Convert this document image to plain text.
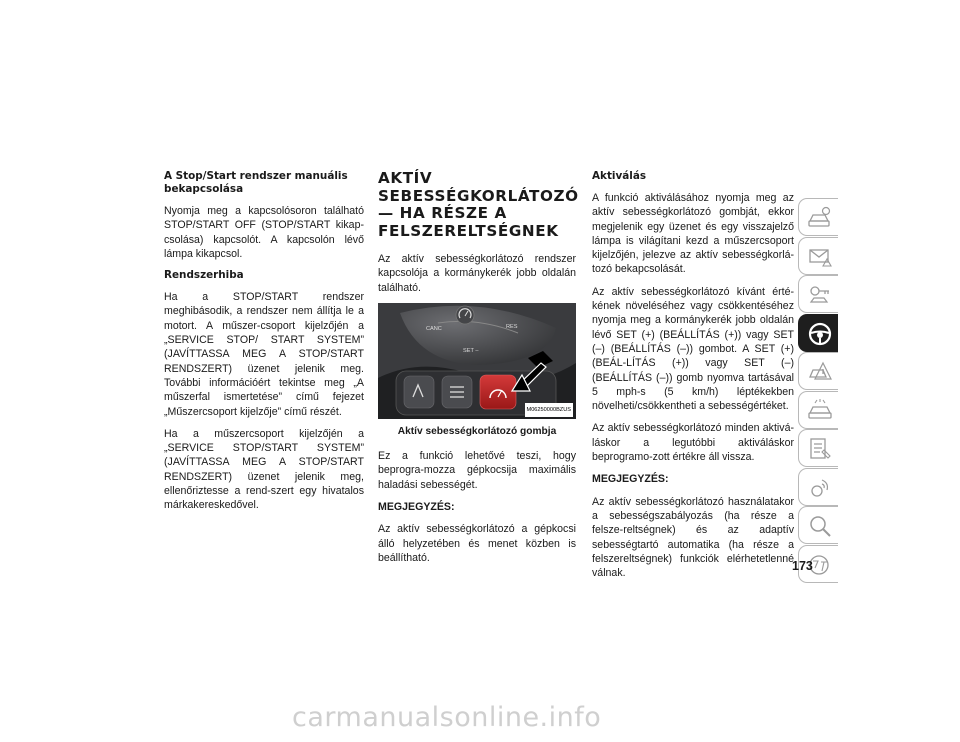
A Stop/Start rendszer manuális bekapcsolása

Nyomja meg a kapcsolósoron található STOP/START OFF (STOP/START kikap-csolása) kapcsolót. A kapcsolón lévő lámpa kikapcsol.

Rendszerhiba

Ha a STOP/START rendszer meghibásodik, a rendszer nem állítja le a motort. A műszer-csoport kijelzőjén a „SERVICE STOP/ START SYSTEM” (JAVÍTTASSA MEG A STOP/START RENDSZERT) üzenet jelenik meg. További információért tekintse meg „A műszerfal ismertetése” című fejezet „Műszercsoport kijelzője” című részét.

Ha a műszercsoport kijelzőjén a „SERVICE STOP/START SYSTEM” (JAVÍTTASSA MEG A STOP/START RENDSZERT) üzenet jelenik meg, ellenőriztesse a rend-szert egy hivatalos márkakereskedővel.

AKTÍV SEBESSÉGKORLÁTOZÓ — HA RÉSZE A FELSZERELTSÉGNEK

Az aktív sebességkorlátozó rendszer kapcsolója a kormánykerék jobb oldalán található.

CANC	RES
SET –
M06250000BZUS

Aktív sebességkorlátozó gombja

Ez a funkció lehetővé teszi, hogy beprogra-mozza gépkocsija maximális haladási sebességét.

MEGJEGYZÉS:

Az aktív sebességkorlátozó a gépkocsi álló helyzetében és menet közben is beállítható.

Aktiválás

A funkció aktiválásához nyomja meg az aktív sebességkorlátozó gombját, ekkor megjelenik egy üzenet és egy visszajelző lámpa is világítani kezd a műszercsoport kijelzőjén, jelezve az aktív sebességkorlá-tozó bekapcsolását.

Az aktív sebességkorlátozó kívánt érté-kének növeléséhez vagy csökkentéséhez nyomja meg a kormánykerék jobb oldalán lévő SET (+) (BEÁLLÍTÁS (+)) vagy SET (–) (BEÁLLÍTÁS (–)) gombot. A SET (+) (BEÁL-LÍTÁS (+)) vagy SET (–) (BEÁLLÍTÁS (–)) gomb nyomva tartásával 5 mph-s (5 km/h) léptékekben növelheti/csökkentheti a sebességértéket.

Az aktív sebességkorlátozó minden aktivá-láskor a legutóbbi aktiváláskor beprogramo-zott értékre áll vissza.

MEGJEGYZÉS:

Az aktív sebességkorlátozó használatakor a sebességszabályozás (ha része a felsze-reltségnek) és az adaptív sebességtartó automatika (ha része a felszereltségnek) funkciók elérhetetlenné válnak.

173
carmanualsonline.info
